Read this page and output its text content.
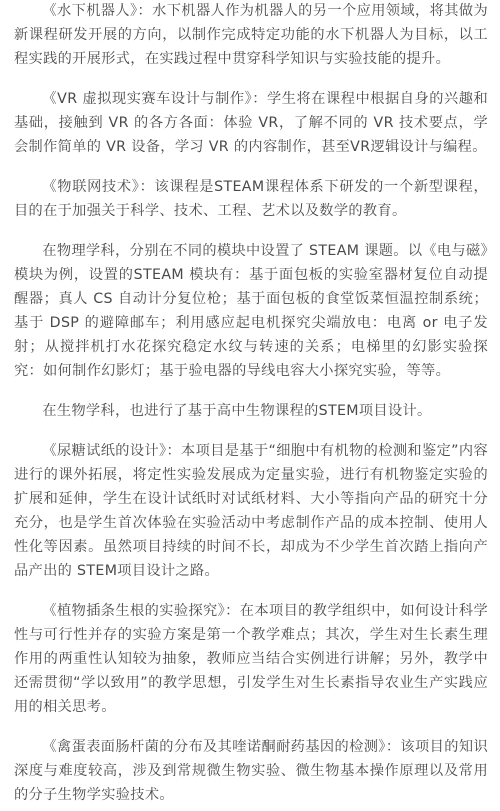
《水下机器人》：水下机器人作为机器人的另一个应用领域，将其做为新课程研发开展的方向，以制作完成特定功能的水下机器人为目标，以工程实践的开展形式，在实践过程中贯穿科学知识与实验技能的提升。

《VR 虚拟现实赛车设计与制作》：学生将在课程中根据自身的兴趣和基础，接触到 VR 的各方各面：体验 VR，了解不同的 VR 技术要点，学会制作简单的 VR 设备，学习 VR 的内容制作，甚至VR逻辑设计与编程。

《物联网技术》：该课程是STEAM课程体系下研发的一个新型课程，目的在于加强关于科学、技术、工程、艺术以及数学的教育。

在物理学科，分别在不同的模块中设置了 STEAM 课题。以《电与磁》模块为例，设置的STEAM 模块有：基于面包板的实验室器材复位自动提醒器；真人 CS 自动计分复位枪；基于面包板的食堂饭菜恒温控制系统；基于 DSP 的避障邮车；利用感应起电机探究尖端放电：电离 or 电子发射；从搅拌机打水花探究稳定水纹与转速的关系；电梯里的幻影实验探究：如何制作幻影灯；基于验电器的导线电容大小探究实验，等等。

在生物学科，也进行了基于高中生物课程的STEM项目设计。

《尿糖试纸的设计》：本项目是基于“细胞中有机物的检测和鉴定”内容进行的课外拓展，将定性实验发展成为定量实验，进行有机物鉴定实验的扩展和延伸，学生在设计试纸时对试纸材料、大小等指向产品的研究十分充分，也是学生首次体验在实验活动中考虑制作产品的成本控制、使用人性化等因素。虽然项目持续的时间不长，却成为不少学生首次踏上指向产品产出的 STEM项目设计之路。

《植物插条生根的实验探究》：在本项目的教学组织中，如何设计科学性与可行性并存的实验方案是第一个教学难点；其次，学生对生长素生理作用的两重性认知较为抽象，教师应当结合实例进行讲解；另外，教学中还需贯彻“学以致用”的教学思想，引发学生对生长素指导农业生产实践应用的相关思考。

《禽蛋表面肠杆菌的分布及其喹诺酮耐药基因的检测》：该项目的知识深度与难度较高，涉及到常规微生物实验、微生物基本操作原理以及常用的分子生物学实验技术。
